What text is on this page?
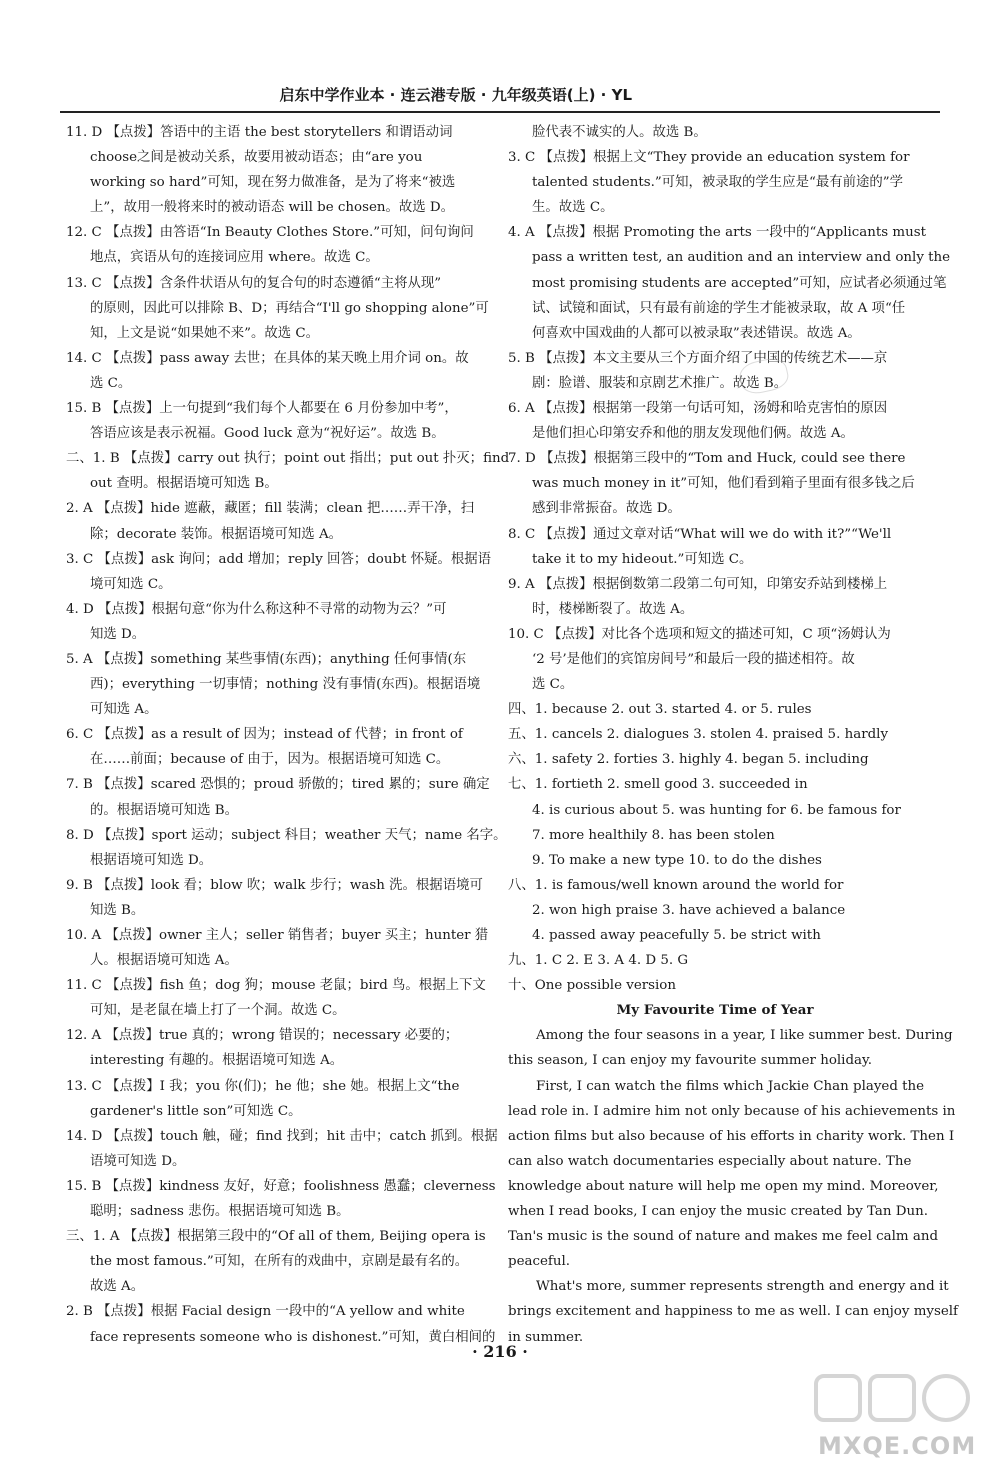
启东中学作业本 · 连云港专版 · 九年级英语(上) · YL
11. D 【点拨】答语中的主语 the best storytellers 和谓语动词
choose之间是被动关系，故要用被动语态；由“are you
working so hard”可知，现在努力做准备，是为了将来“被选
上”，故用一般将来时的被动语态 will be chosen。故选 D。
12. C 【点拨】由答语“In Beauty Clothes Store.”可知，问句询问
地点，宾语从句的连接词应用 where。故选 C。
13. C 【点拨】含条件状语从句的复合句的时态遵循“主将从现”
的原则，因此可以排除 B、D；再结合“I'll go shopping alone”可
知，上文是说“如果她不来”。故选 C。
14. C 【点拨】pass away 去世；在具体的某天晚上用介词 on。故
选 C。
15. B 【点拨】上一句提到“我们每个人都要在 6 月份参加中考”，
答语应该是表示祝福。Good luck 意为“祝好运”。故选 B。
二、1. B 【点拨】carry out 执行；point out 指出；put out 扑灭；find
out 查明。根据语境可知选 B。
2. A 【点拨】hide 遮蔽，藏匿；fill 装满；clean 把……弄干净，扫
除；decorate 装饰。根据语境可知选 A。
3. C 【点拨】ask 询问；add 增加；reply 回答；doubt 怀疑。根据语
境可知选 C。
4. D 【点拨】根据句意“你为什么称这种不寻常的动物为云？”可
知选 D。
5. A 【点拨】something 某些事情(东西)；anything 任何事情(东
西)；everything 一切事情；nothing 没有事情(东西)。根据语境
可知选 A。
6. C 【点拨】as a result of 因为；instead of 代替；in front of
在……前面；because of 由于，因为。根据语境可知选 C。
7. B 【点拨】scared 恐惧的；proud 骄傲的；tired 累的；sure 确定
的。根据语境可知选 B。
8. D 【点拨】sport 运动；subject 科目；weather 天气；name 名字。
根据语境可知选 D。
9. B 【点拨】look 看；blow 吹；walk 步行；wash 洗。根据语境可
知选 B。
10. A 【点拨】owner 主人；seller 销售者；buyer 买主；hunter 猎
人。根据语境可知选 A。
11. C 【点拨】fish 鱼；dog 狗；mouse 老鼠；bird 鸟。根据上下文
可知，是老鼠在墙上打了一个洞。故选 C。
12. A 【点拨】true 真的；wrong 错误的；necessary 必要的；
interesting 有趣的。根据语境可知选 A。
13. C 【点拨】I 我；you 你(们)；he 他；she 她。根据上文“the
gardener's little son”可知选 C。
14. D 【点拨】touch 触，碰；find 找到；hit 击中；catch 抓到。根据
语境可知选 D。
15. B 【点拨】kindness 友好，好意；foolishness 愚蠢；cleverness
聪明；sadness 悲伤。根据语境可知选 B。
三、1. A 【点拨】根据第三段中的“Of all of them, Beijing opera is
the most famous.”可知，在所有的戏曲中，京剧是最有名的。
故选 A。
2. B 【点拨】根据 Facial design 一段中的“A yellow and white
face represents someone who is dishonest.”可知，黄白相间的
脸代表不诚实的人。故选 B。
3. C 【点拨】根据上文“They provide an education system for
talented students.”可知，被录取的学生应是“最有前途的”学
生。故选 C。
4. A 【点拨】根据 Promoting the arts 一段中的“Applicants must
pass a written test, an audition and an interview and only the
most promising students are accepted”可知，应试者必须通过笔
试、试镜和面试，只有最有前途的学生才能被录取，故 A 项“任
何喜欢中国戏曲的人都可以被录取”表述错误。故选 A。
5. B 【点拨】本文主要从三个方面介绍了中国的传统艺术——京
剧：脸谱、服装和京剧艺术推广。故选 B。
6. A 【点拨】根据第一段第一句话可知，汤姆和哈克害怕的原因
是他们担心印第安乔和他的朋友发现他们俩。故选 A。
7. D 【点拨】根据第三段中的“Tom and Huck, could see there
was much money in it”可知，他们看到箱子里面有很多钱之后
感到非常振奋。故选 D。
8. C 【点拨】通过文章对话“What will we do with it?”“We'll
take it to my hideout.”可知选 C。
9. A 【点拨】根据倒数第二段第二句可知，印第安乔站到楼梯上
时，楼梯断裂了。故选 A。
10. C 【点拨】对比各个选项和短文的描述可知，C 项“汤姆认为
‘2 号’是他们的宾馆房间号”和最后一段的描述相符。故
选 C。
四、1. because 2. out 3. started 4. or 5. rules
五、1. cancels 2. dialogues 3. stolen 4. praised 5. hardly
六、1. safety 2. forties 3. highly 4. began 5. including
七、1. fortieth 2. smell good 3. succeeded in
4. is curious about 5. was hunting for 6. be famous for
7. more healthily 8. has been stolen
9. To make a new type 10. to do the dishes
八、1. is famous/well known around the world for
2. won high praise 3. have achieved a balance
4. passed away peacefully 5. be strict with
九、1. C 2. E 3. A 4. D 5. G
十、One possible version
My Favourite Time of Year
Among the four seasons in a year, I like summer best. During
this season, I can enjoy my favourite summer holiday.
First, I can watch the films which Jackie Chan played the
lead role in. I admire him not only because of his achievements in
action films but also because of his efforts in charity work. Then I
can also watch documentaries especially about nature. The
knowledge about nature will help me open my mind. Moreover,
when I read books, I can enjoy the music created by Tan Dun.
Tan's music is the sound of nature and makes me feel calm and
peaceful.
What's more, summer represents strength and energy and it
brings excitement and happiness to me as well. I can enjoy myself
in summer.
· 216 ·
MXQE.COM
